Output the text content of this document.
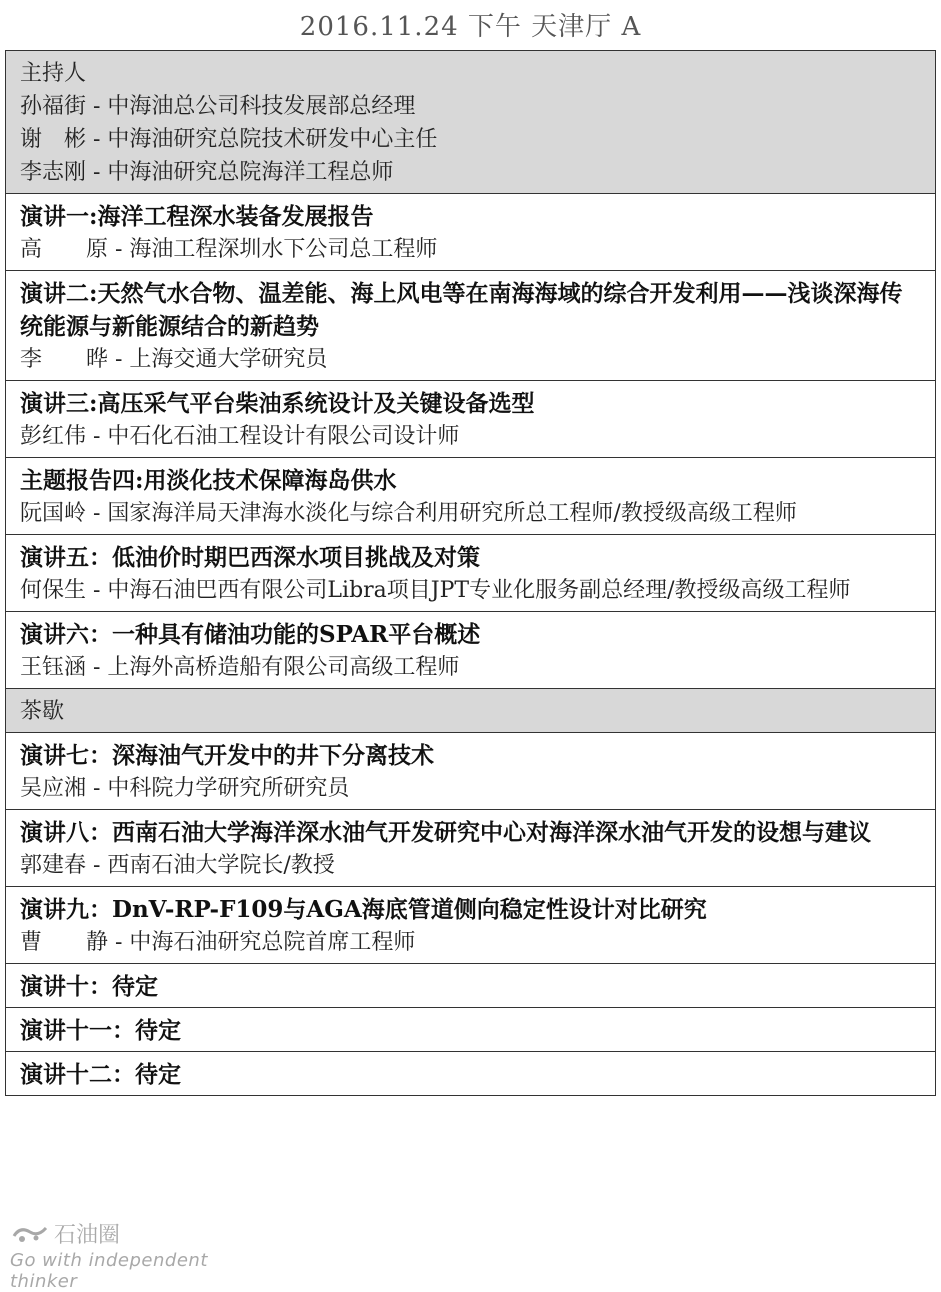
2016.11.24 下午 天津厅 A
主持人
孙福街 - 中海油总公司科技发展部总经理
谢　彬 - 中海油研究总院技术研发中心主任
李志刚 - 中海油研究总院海洋工程总师
演讲一:海洋工程深水装备发展报告
高　　原 - 海油工程深圳水下公司总工程师
演讲二:天然气水合物、温差能、海上风电等在南海海域的综合开发利用——浅谈深海传统能源与新能源结合的新趋势
李　　晔 - 上海交通大学研究员
演讲三:高压采气平台柴油系统设计及关键设备选型
彭红伟 - 中石化石油工程设计有限公司设计师
主题报告四:用淡化技术保障海岛供水
阮国岭 - 国家海洋局天津海水淡化与综合利用研究所总工程师/教授级高级工程师
演讲五：低油价时期巴西深水项目挑战及对策
何保生 - 中海石油巴西有限公司Libra项目JPT专业化服务副总经理/教授级高级工程师
演讲六：一种具有储油功能的SPAR平台概述
王钰涵 - 上海外高桥造船有限公司高级工程师
茶歇
演讲七：深海油气开发中的井下分离技术
吴应湘 - 中科院力学研究所研究员
演讲八：西南石油大学海洋深水油气开发研究中心对海洋深水油气开发的设想与建议
郭建春 - 西南石油大学院长/教授
演讲九：DnV-RP-F109与AGA海底管道侧向稳定性设计对比研究
曹　　静 - 中海石油研究总院首席工程师
演讲十：待定
演讲十一：待定
演讲十二：待定
石油圈
Go with independent thinker
